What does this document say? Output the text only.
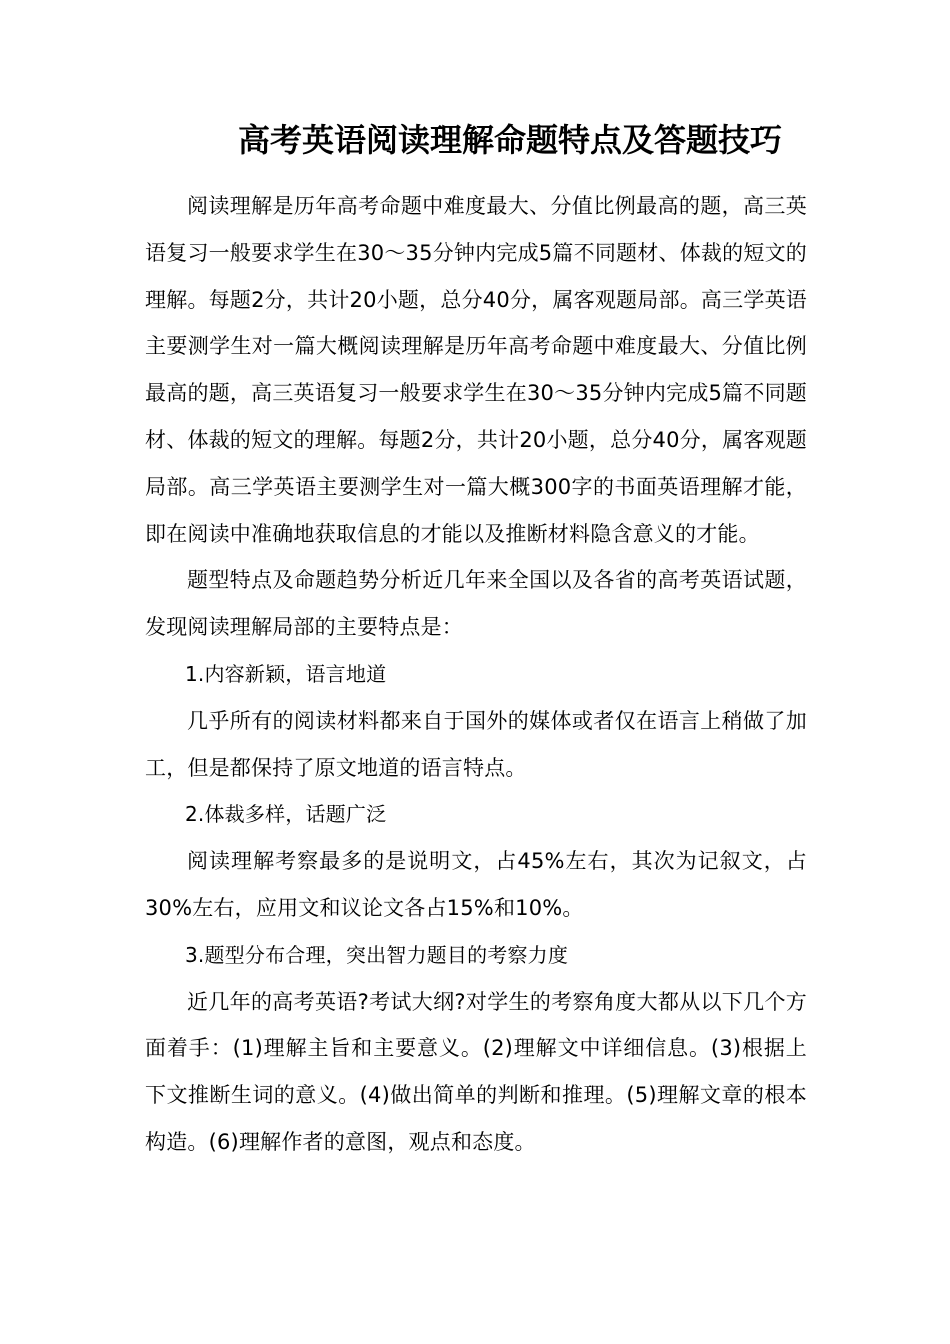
高考英语阅读理解命题特点及答题技巧

阅读理解是历年高考命题中难度最大、分值比例最高的题，高三英语复习一般要求学生在30～35分钟内完成5篇不同题材、体裁的短文的理解。每题2分，共计20小题，总分40分，属客观题局部。高三学英语主要测学生对一篇大概阅读理解是历年高考命题中难度最大、分值比例最高的题，高三英语复习一般要求学生在30～35分钟内完成5篇不同题材、体裁的短文的理解。每题2分，共计20小题，总分40分，属客观题局部。高三学英语主要测学生对一篇大概300字的书面英语理解才能，即在阅读中准确地获取信息的才能以及推断材料隐含意义的才能。

题型特点及命题趋势分析近几年来全国以及各省的高考英语试题，发现阅读理解局部的主要特点是：

1.内容新颖，语言地道

几乎所有的阅读材料都来自于国外的媒体或者仅在语言上稍做了加工，但是都保持了原文地道的语言特点。

2.体裁多样，话题广泛

阅读理解考察最多的是说明文，占45%左右，其次为记叙文，占30%左右，应用文和议论文各占15%和10%。

3.题型分布合理，突出智力题目的考察力度

近几年的高考英语?考试大纲?对学生的考察角度大都从以下几个方面着手：(1)理解主旨和主要意义。(2)理解文中详细信息。(3)根据上下文推断生词的意义。(4)做出简单的判断和推理。(5)理解文章的根本构造。(6)理解作者的意图，观点和态度。
